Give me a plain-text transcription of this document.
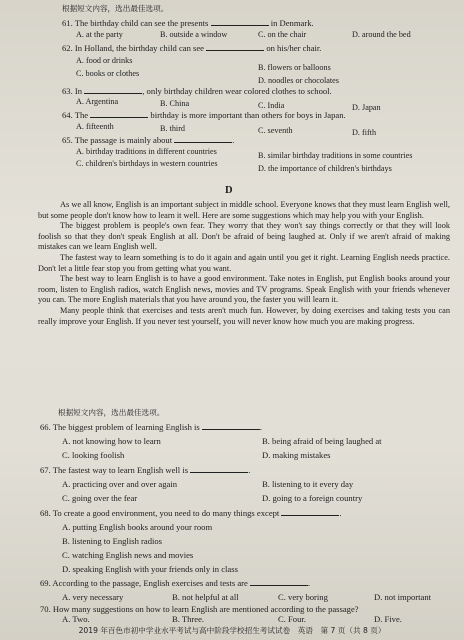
根据短文内容，选出最佳选项。
61. The birthday child can see the presents	in Denmark.
A. at the party	B. outside a window	C. on the chair	D. around the bed
62. In Holland, the birthday child can see	on his/her chair.
A. food or drinks
B. flowers or balloons
C. books or clothes
D. noodles or chocolates
63. In	, only birthday children wear colored clothes to school.
A. Argentina	B. China	C. India	D. Japan
64. The	birthday is more important than others for boys in Japan.
A. fifteenth	B. third	C. seventh	D. fifth
65. The passage is mainly about	.
A. birthday traditions in different countries	B. similar birthday traditions in some countries
C. children's birthdays in western countries
D. the importance of children's birthdays
D

As we all know, English is an important subject in middle school. Everyone knows that they must learn English well, but some people don't know how to learn it well. Here are some suggestions which may help you with your English.

The biggest problem is people's own fear. They worry that they won't say things correctly or that they will look foolish so that they don't speak English at all. Don't be afraid of being laughed at. Only if we aren't afraid of making mistakes can we learn English well.

The fastest way to learn something is to do it again and again until you get it right. Learning English needs practice. Don't let a little fear stop you from getting what you want.

The best way to learn English is to have a good environment. Take notes in English, put English books around your room, listen to English radios, watch English news, movies and TV programs. Speak English with your friends whenever you can. The more English materials that you have around you, the faster you will learn it.

Many people think that exercises and tests aren't much fun. However, by doing exercises and taking tests you can really improve your English. If you never test yourself, you will never know how much you are making progress.

根据短文内容，选出最佳选项。
66. The biggest problem of learning English is	.
A. not knowing how to learn	B. being afraid of being laughed at
C. looking foolish	D. making mistakes
67. The fastest way to learn English well is	.
A. practicing over and over again	B. listening to it every day
C. going over the fear	D. going to a foreign country
68. To create a good environment, you need to do many things except	.
A. putting English books around your room
B. listening to English radios
C. watching English news and movies
D. speaking English with your friends only in class
69. According to the passage, English exercises and tests are	.
A. very necessary	B. not helpful at all	C. very boring	D. not important
70. How many suggestions on how to learn English are mentioned according to the passage?
A. Two.	B. Three.	C. Four.	D. Five.
2019 年百色市初中学业水平考试与高中阶段学校招生考试试卷　英语　第 7 页（共 8 页）
